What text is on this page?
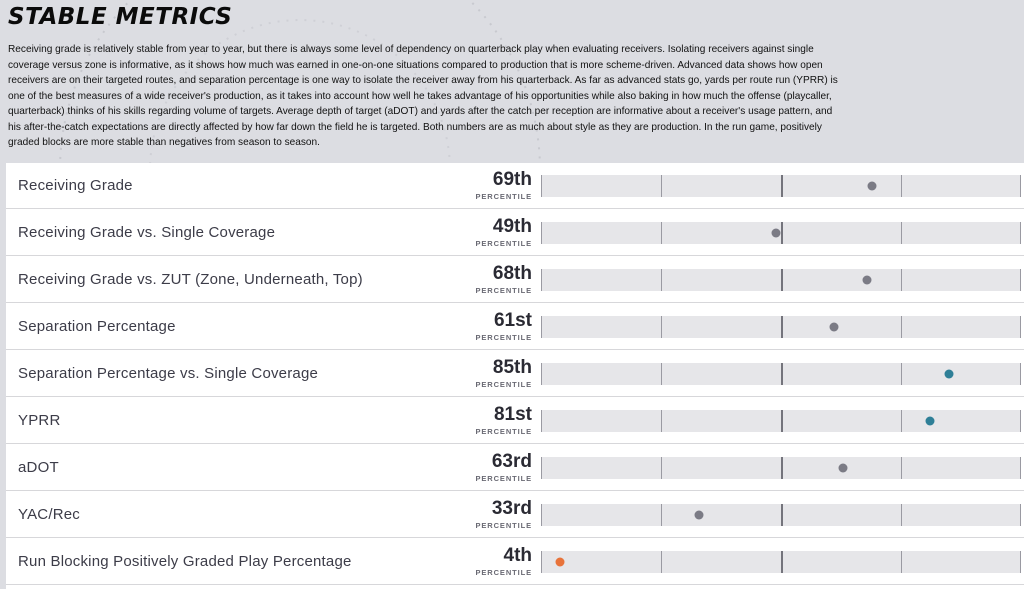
STABLE METRICS

Receiving grade is relatively stable from year to year, but there is always some level of dependency on quarterback play when evaluating receivers. Isolating receivers against single coverage versus zone is informative, as it shows how much was earned in one-on-one situations compared to production that is more scheme-driven. Advanced data shows how open receivers are on their targeted routes, and separation percentage is one way to isolate the receiver away from his quarterback. As far as advanced stats go, yards per route run (YPRR) is one of the best measures of a wide receiver's production, as it takes into account how well he takes advantage of his opportunities while also baking in how much the offense (playcaller, quarterback) thinks of his skills regarding volume of targets. Average depth of target (aDOT) and yards after the catch per reception are informative about a receiver's usage pattern, and his after-the-catch expectations are directly affected by how far down the field he is targeted. Both numbers are as much about style as they are production. In the run game, positively graded blocks are more stable than negatives from season to season.

Receiving Grade	69th
PERCENTILE
Receiving Grade vs. Single Coverage	49th
PERCENTILE
Receiving Grade vs. ZUT (Zone, Underneath, Top)	68th
PERCENTILE
Separation Percentage	61st
PERCENTILE
Separation Percentage vs. Single Coverage	85th
PERCENTILE
YPRR	81st
PERCENTILE
aDOT	63rd
PERCENTILE
YAC/Rec	33rd
PERCENTILE
Run Blocking Positively Graded Play Percentage	4th
PERCENTILE
